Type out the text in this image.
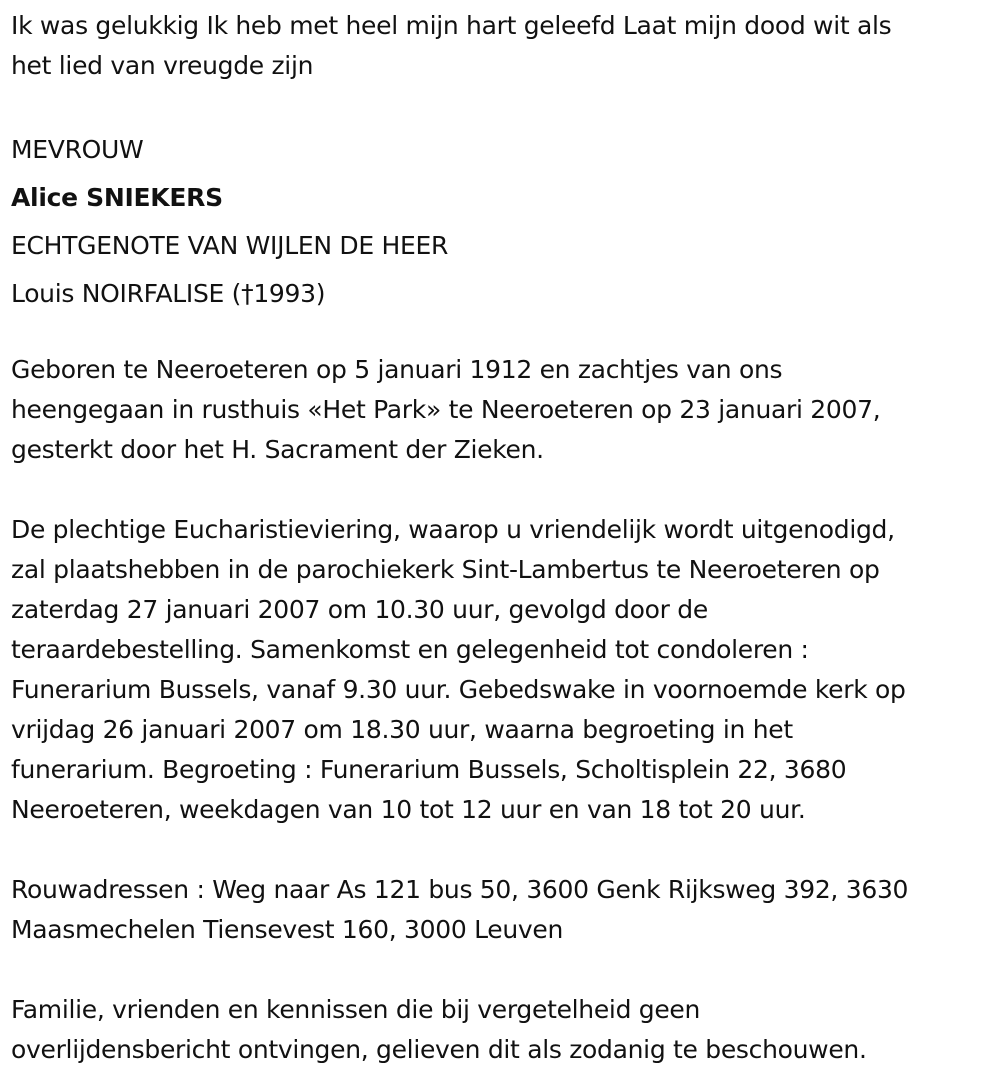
Ik was gelukkig Ik heb met heel mijn hart geleefd Laat mijn dood wit als
het lied van vreugde zijn

MEVROUW

Alice SNIEKERS

ECHTGENOTE VAN WIJLEN DE HEER

Louis NOIRFALISE (†1993)

Geboren te Neeroeteren op 5 januari 1912 en zachtjes van ons
heengegaan in rusthuis «Het Park» te Neeroeteren op 23 januari 2007,
gesterkt door het H. Sacrament der Zieken.

De plechtige Eucharistieviering, waarop u vriendelijk wordt uitgenodigd,
zal plaatshebben in de parochiekerk Sint-Lambertus te Neeroeteren op
zaterdag 27 januari 2007 om 10.30 uur, gevolgd door de
teraardebestelling. Samenkomst en gelegenheid tot condoleren :
Funerarium Bussels, vanaf 9.30 uur. Gebedswake in voornoemde kerk op
vrijdag 26 januari 2007 om 18.30 uur, waarna begroeting in het
funerarium. Begroeting : Funerarium Bussels, Scholtisplein 22, 3680
Neeroeteren, weekdagen van 10 tot 12 uur en van 18 tot 20 uur.

Rouwadressen : Weg naar As 121 bus 50, 3600 Genk Rijksweg 392, 3630
Maasmechelen Tiensevest 160, 3000 Leuven

Familie, vrienden en kennissen die bij vergetelheid geen
overlijdensbericht ontvingen, gelieven dit als zodanig te beschouwen.
